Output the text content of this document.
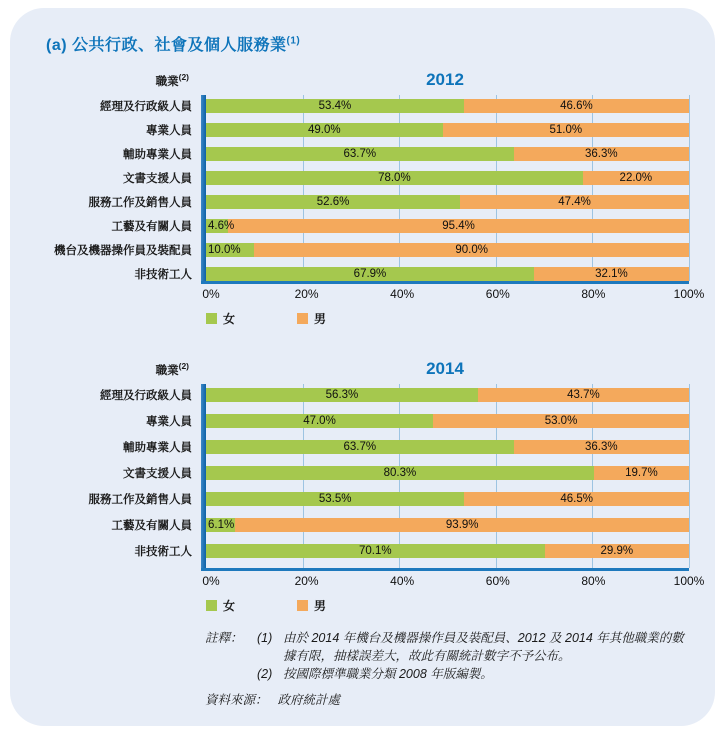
(a) 公共行政、社會及個人服務業$^{(1)}$
職業$^{(2)}$	2012
經理及行政級人員	53.4%	46.6%
專業人員	49.0%	51.0%
輔助專業人員	63.7%	36.3%
文書支援人員	78.0%	22.0%
服務工作及銷售人員	52.6%	47.4%
工藝及有關人員	4.6%	95.4%
機台及機器操作員及裝配員	10.0%	90.0%
非技術工人	67.9%	32.1%
0%	20%	40%	60%	80%	100%
女	男
職業$^{(2)}$	2014
經理及行政級人員	56.3%	43.7%
專業人員	47.0%	53.0%
輔助專業人員	63.7%	36.3%
文書支援人員	80.3%	19.7%
服務工作及銷售人員	53.5%	46.5%
工藝及有關人員	6.1%	93.9%
非技術工人	70.1%	29.9%
0%	20%	40%	60%	80%	100%
女	男
註釋：	(1) 由於 2014 年機台及機器操作員及裝配員、2012 及 2014 年其他職業的數據有限，抽樣誤差大，故此有關統計數字不予公布。
(2) 按國際標準職業分類 2008 年版編製。
資料來源： 政府統計處
